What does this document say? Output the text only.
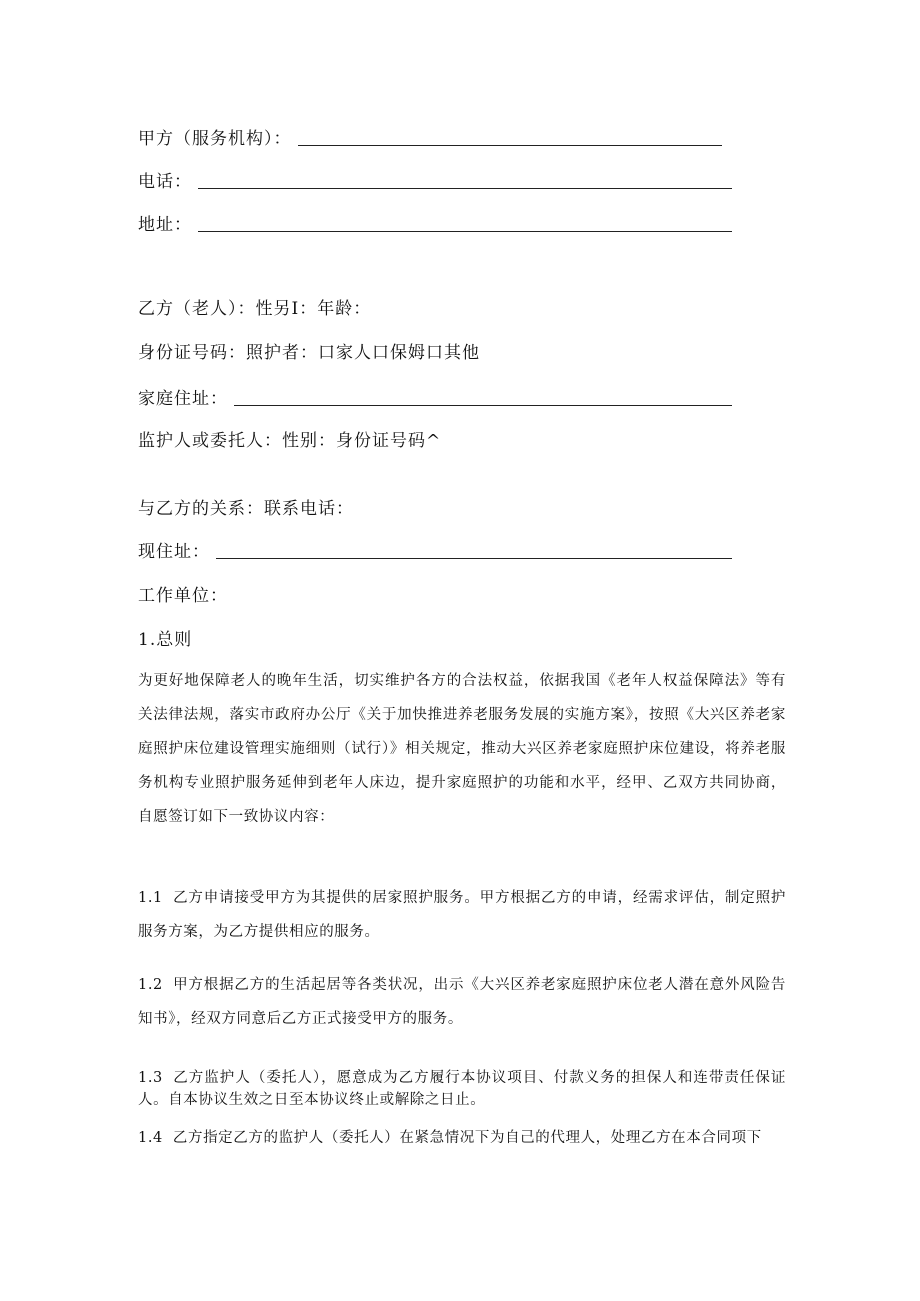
甲方（服务机构）：
电话：
地址：
乙方（老人）：性另I：年龄：
身份证号码：照护者：口家人口保姆口其他
家庭住址：
监护人或委托人：性别：身份证号码^
与乙方的关系：联系电话：
现住址：
工作单位：
1.总则

为更好地保障老人的晚年生活，切实维护各方的合法权益，依据我国《老年人权益保障法》等有关法律法规，落实市政府办公厅《关于加快推进养老服务发展的实施方案》，按照《大兴区养老家庭照护床位建设管理实施细则（试行）》相关规定，推动大兴区养老家庭照护床位建设，将养老服务机构专业照护服务延伸到老年人床边，提升家庭照护的功能和水平，经甲、乙双方共同协商，自愿签订如下一致协议内容：

1.1 乙方申请接受甲方为其提供的居家照护服务。甲方根据乙方的申请，经需求评估，制定照护服务方案，为乙方提供相应的服务。

1.2 甲方根据乙方的生活起居等各类状况，出示《大兴区养老家庭照护床位老人潜在意外风险告知书》，经双方同意后乙方正式接受甲方的服务。

1.3 乙方监护人（委托人），愿意成为乙方履行本协议项目、付款义务的担保人和连带责任保证人。自本协议生效之日至本协议终止或解除之日止。

1.4 乙方指定乙方的监护人（委托人）在紧急情况下为自己的代理人，处理乙方在本合同项下
